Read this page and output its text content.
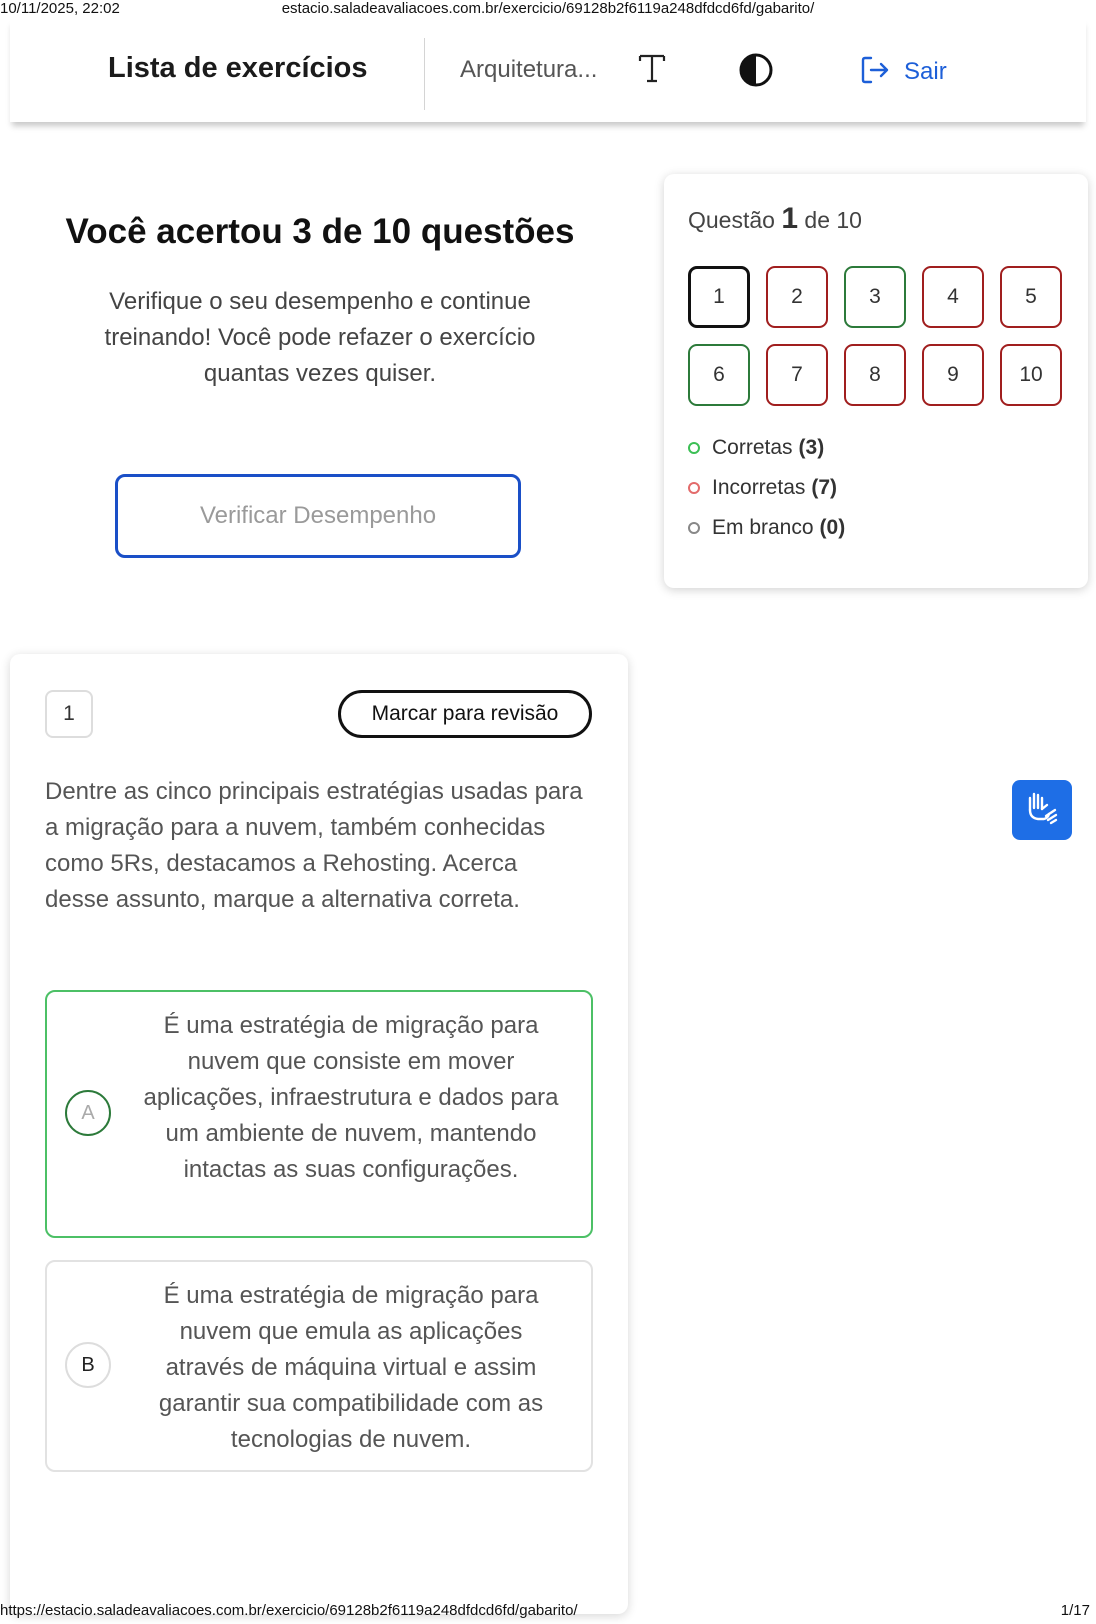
10/11/2025, 22:02	estacio.saladeavaliacoes.com.br/exercicio/69128b2f6119a248dfdcd6fd/gabarito/
Lista de exercícios	Arquitetura...	Sair
Você acertou 3 de 10 questões

Verifique o seu desempenho e continue treinando! Você pode refazer o exercício quantas vezes quiser.

Verificar Desempenho
Questão 1 de 10
1	2	3	4	5
6	7	8	9	10
Corretas (3)
Incorretas (7)
Em branco (0)
1	Marcar para revisão

Dentre as cinco principais estratégias usadas para a migração para a nuvem, também conhecidas como 5Rs, destacamos a Rehosting. Acerca desse assunto, marque a alternativa correta.

A
É uma estratégia de migração para nuvem que consiste em mover aplicações, infraestrutura e dados para um ambiente de nuvem, mantendo intactas as suas configurações.
B
É uma estratégia de migração para nuvem que emula as aplicações através de máquina virtual e assim garantir sua compatibilidade com as tecnologias de nuvem.
https://estacio.saladeavaliacoes.com.br/exercicio/69128b2f6119a248dfdcd6fd/gabarito/	1/17
